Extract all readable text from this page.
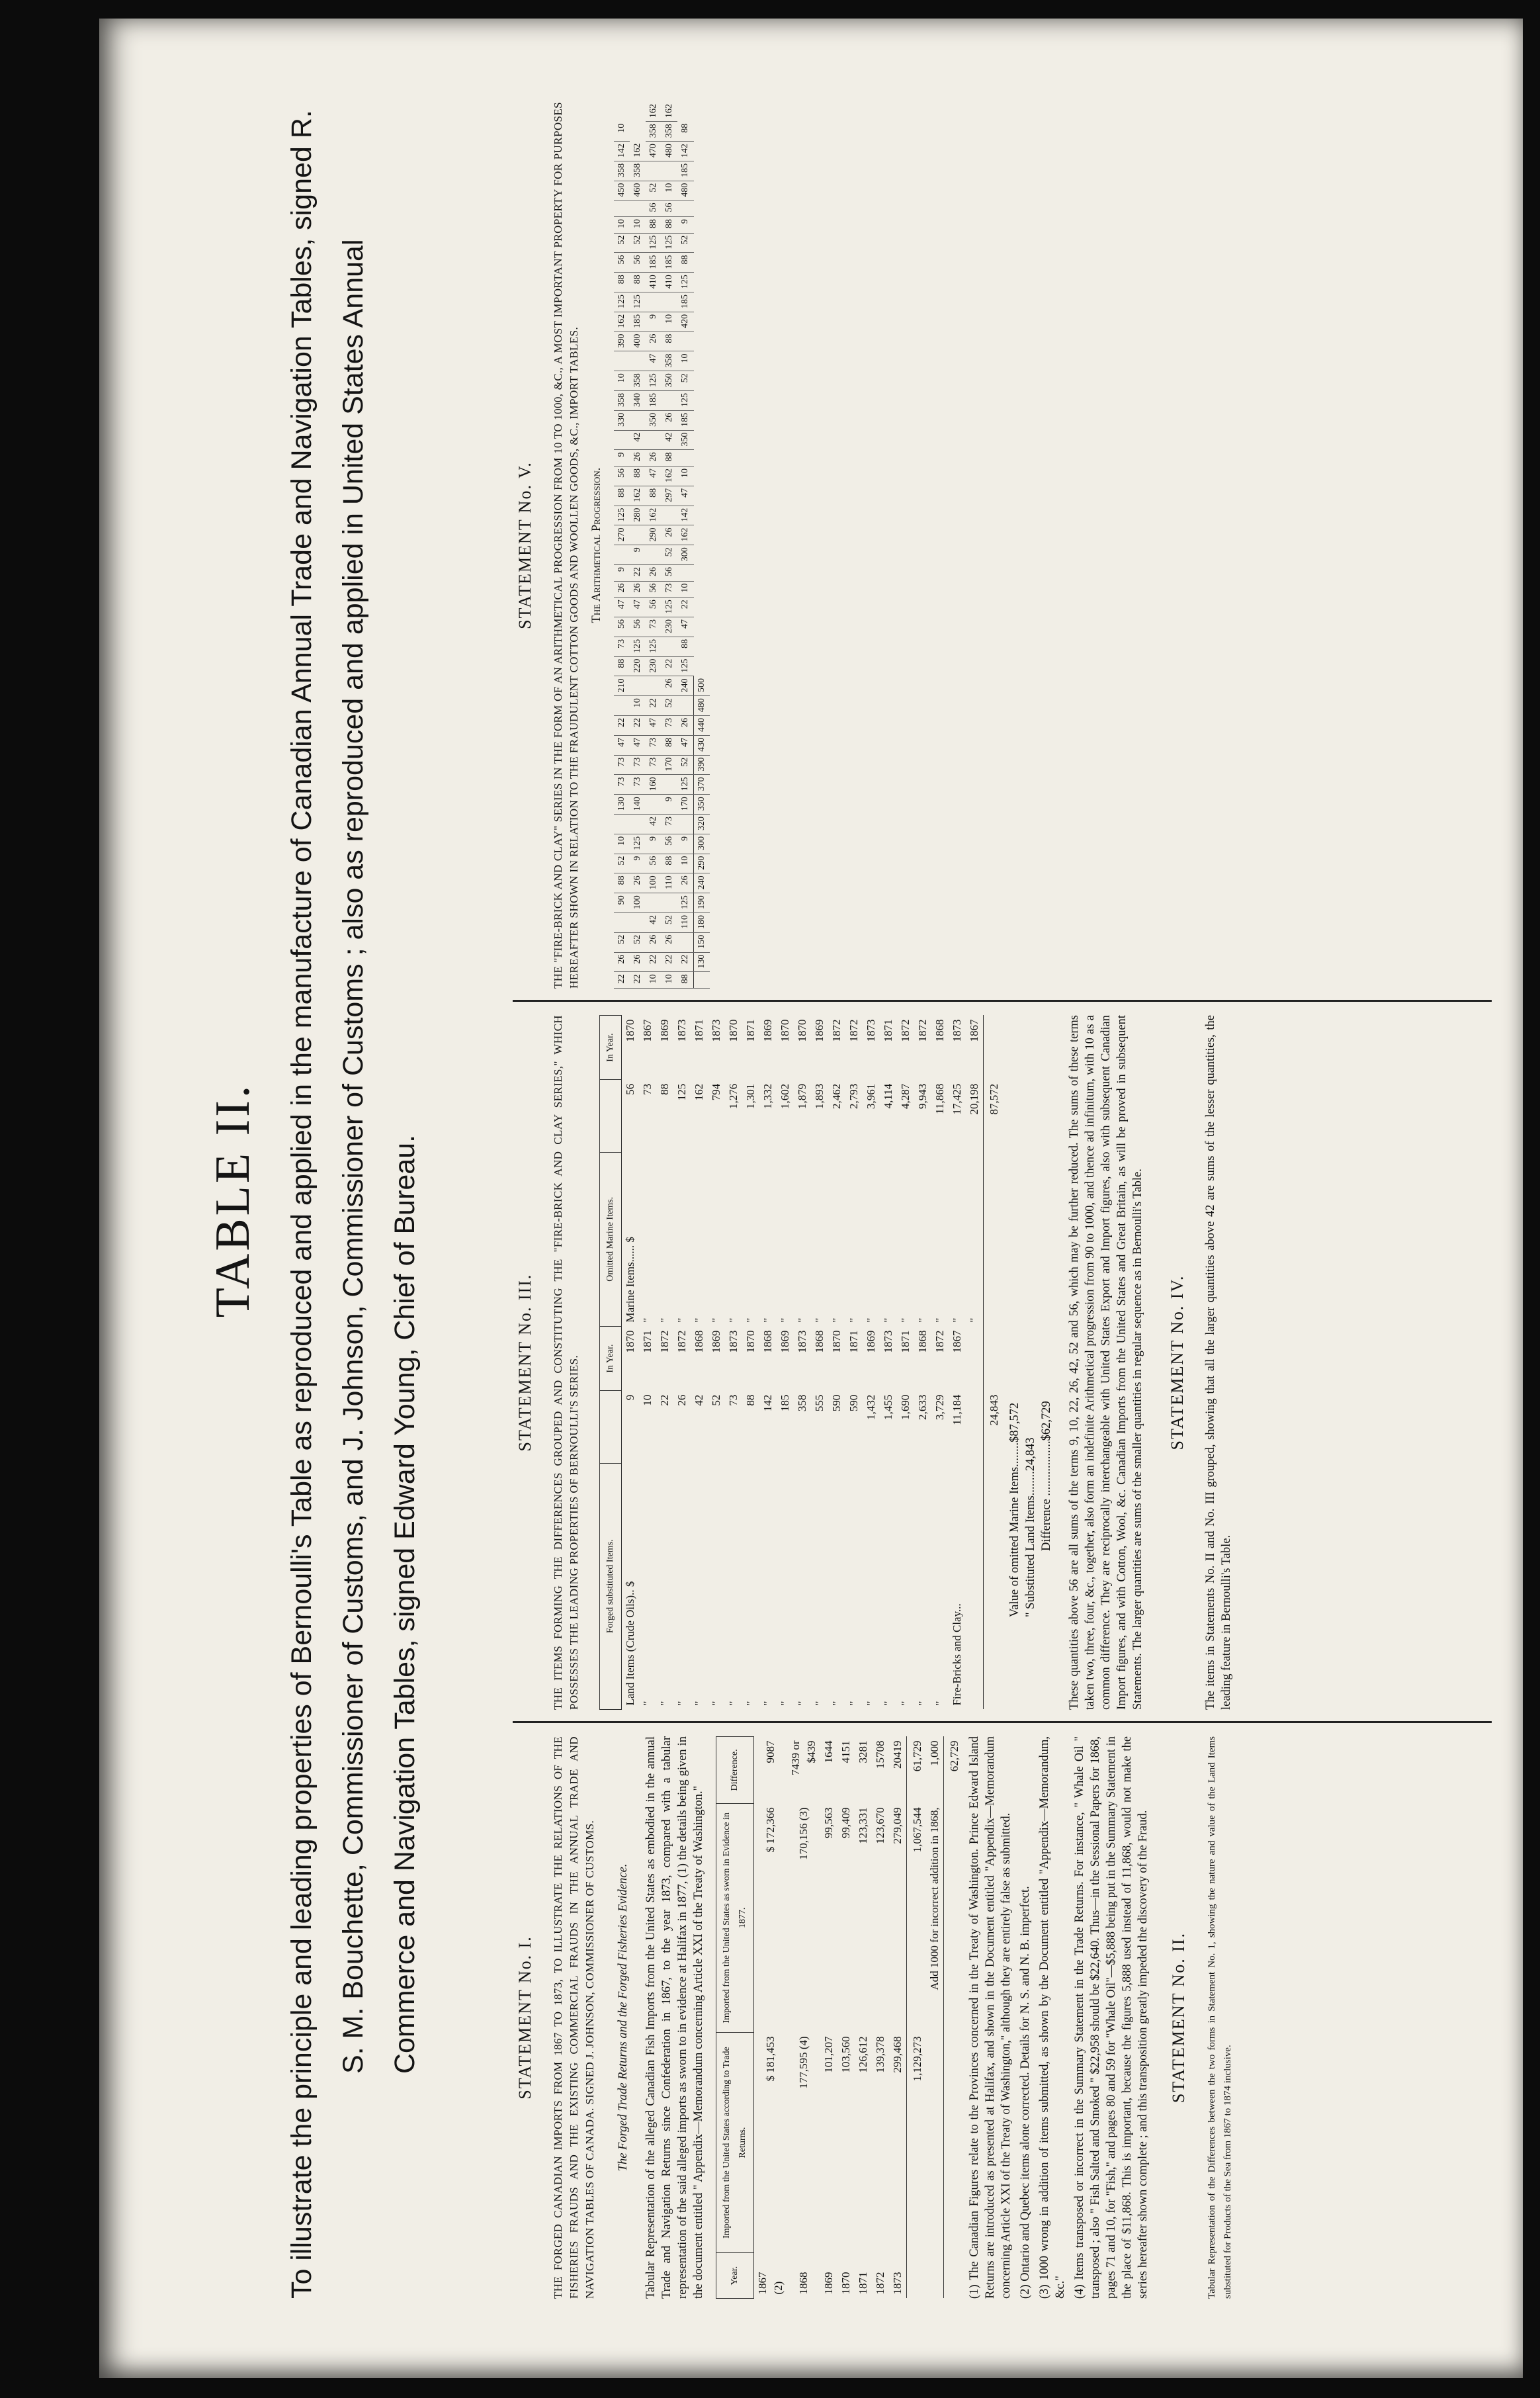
TABLE II. To illustrate the principle and leading properties of Bernoulli's Table as reproduced and applied in the manufacture of Canadian Annual Trade and Navigation Tables, signed R. S. M. Bouchette, Commissioner of Customs, and J. Johnson, Commissioner of Customs ; also as reproduced and applied in United States Annual Commerce and Navigation Tables, signed Edward Young, Chief of Bureau.	STATEMENT No. I. THE FORGED CANADIAN IMPORTS FROM 1867 TO 1873, TO ILLUSTRATE THE RELATIONS OF THE FISHERIES FRAUDS AND THE EXISTING COMMERCIAL FRAUDS IN THE ANNUAL TRADE AND NAVIGATION TABLES OF CANADA. SIGNED J. JOHNSON, COMMISSIONER OF CUSTOMS. The Forged Trade Returns and the Forged Fisheries Evidence. Tabular Representation of the alleged Canadian Fish Imports from the United States as embodied in the annual Trade and Navigation Returns since Confederation in 1867, to the year 1873, compared with a tabular representation of the said alleged imports as sworn to in evidence at Halifax in 1877, (1) the details being given in the document entitled " Appendix—Memorandum concerning Article XXI of the Treaty of Washington."	Year.	Imported from the United States according to Trade Returns.	Imported from the United States as sworn in Evidence in 1877.	Difference.
1867 (2)	$ 181,453	$ 172,366	9087
1868	177,595 (4)	170,156 (3)	7439 or $439
1869	101,207	99,563	1644
1870	103,560	99,409	4151
1871	126,612	123,331	3281
1872	139,378	123,670	15708
1873	299,468	279,049	20419
	1,129,273	1,067,544	61,729
Add 1000 for incorrect addition in 1868,			1,000
			62,729 (1) The Canadian Figures relate to the Provinces concerned in the Treaty of Washington. Prince Edward Island Returns are introduced as presented at Halifax, and shown in the Document entitled "Appendix—Memorandum concerning Article XXI of the Treaty of Washington," although they are entirely false as submitted. (2) Ontario and Quebec items alone corrected. Details for N. S. and N. B. imperfect. (3) 1000 wrong in addition of items submitted, as shown by the Document entitled "Appendix—Memorandum, &c." (4) Items transposed or incorrect in the Summary Statement in the Trade Returns. For instance, " Whale Oil " transposed ; also " Fish Salted and Smoked " $22,958 should be $22,640. Thus—in the Sessional Papers for 1868, pages 71 and 10, for "Fish," and pages 80 and 59 for "Whale Oil"—$5,888 being put in the Summary Statement in the place of $11,868. This is important, because the figures 5,888 used instead of 11,868, would not make the series hereafter shown complete ; and this transposition greatly impeded the discovery of the Fraud. STATEMENT No. II. Tabular Representation of the Differences between the two forms in Statement No. 1, showing the nature and value of the Land Items substituted for Products of the Sea from 1867 to 1874 inclusive.
STATEMENT No. III. THE ITEMS FORMING THE DIFFERENCES GROUPED AND CONSTITUTING THE "FIRE-BRICK AND CLAY SERIES," WHICH POSSESSES THE LEADING PROPERTIES OF BERNOULLI'S SERIES.	Forged substituted Items.		In Year.	Omitted Marine Items.		In Year.
Land Items (Crude Oils).. $	9	1870	Marine Items...... $	56	1870
"	10	1871	"	73	1867
"	22	1872	"	88	1869
"	26	1872	"	125	1873
"	42	1868	"	162	1871
"	52	1869	"	794	1873
"	73	1873	"	1,276	1870
"	88	1870	"	1,301	1871
"	142	1868	"	1,332	1869
"	185	1869	"	1,602	1870
"	358	1873	"	1,879	1870
"	555	1868	"	1,893	1869
"	590	1870	"	2,462	1872
"	590	1871	"	2,793	1872
"	1,432	1869	"	3,961	1873
"	1,455	1873	"	4,114	1871
"	1,690	1871	"	4,287	1872
"	2,633	1868	"	9,943	1872
"	3,729	1872	"	11,868	1868
Fire-Bricks and Clay...	11,184	1867	"	17,425	1873
			"	20,198	1867
	24,843			87,572	
Value of omitted Marine Items........$87,572
" Substituted Land Items........24,843 Difference ..................$62,729 These quantities above 56 are all sums of the terms 9, 10, 22, 26, 42, 52 and 56, which may be further reduced. The sums of these terms taken two, three, four, &c., together, also form an indefinite Arithmetical progression from 90 to 1000, and thence ad infinitum, with 10 as a common difference. They are reciprocally interchangeable with United States Export and Import figures, also with subsequent Canadian Import figures, and with Cotton, Wool, &c. Canadian Imports from the United States and Great Britain, as will be proved in subsequent Statements. The larger quantities are sums of the smaller quantities in regular sequence as in Bernoulli's Table. STATEMENT No. IV. The items in Statements No. II and No. III grouped, showing that all the larger quantities above 42 are sums of the lesser quantities, the leading feature in Bernoulli's Table.
STATEMENT No. V. THE "FIRE-BRICK AND CLAY" SERIES IN THE FORM OF AN ARITHMETICAL PROGRESSION FROM 10 TO 1000, &C., A MOST IMPORTANT PROPERTY FOR PURPOSES HEREAFTER SHOWN IN RELATION TO THE FRAUDULENT COTTON GOODS AND WOOLLEN GOODS, &C., IMPORT TABLES. The Arithmetical Progression.
22	26	52		90	88	52	10		130	73	73	47	22		210	88	73	56	47	26	9		270	125	88	56	9		330	358	10		390	162	125	88	56	52	10		450	358	142	10	
22	26	52		100	26	9	125		140	73	73	47	22	10		220	125	56	47	26	22	9		280	162	88	26	42		340	358		400	185	125	88	56	52	10		460	358	162		
10	22	26	42		100	56	9	42		160	73	73	47	22		230	125	73	56	56	26		290	162	88	47	26		350	185	125	47	26	9		410	185	125	88	56	52		470	358	162
10	22	26	52		110	88	56	73	9		170	88	73	52	26	22		230	125	73	56	52	26		297	162	88	42	26		350	358	88	10		410	185	125	88	56	10		480	358	162
88	22		110	125	26	10	9		170	125	52	47	26		240	125	88	47	22	10		300	162	142	47	10		350	185	125	52	10		420	185	125	88	52	9		480	185	142	88	
	130	150	180	190	240	290	300	320	350	370	390	430	440	480	500																														
